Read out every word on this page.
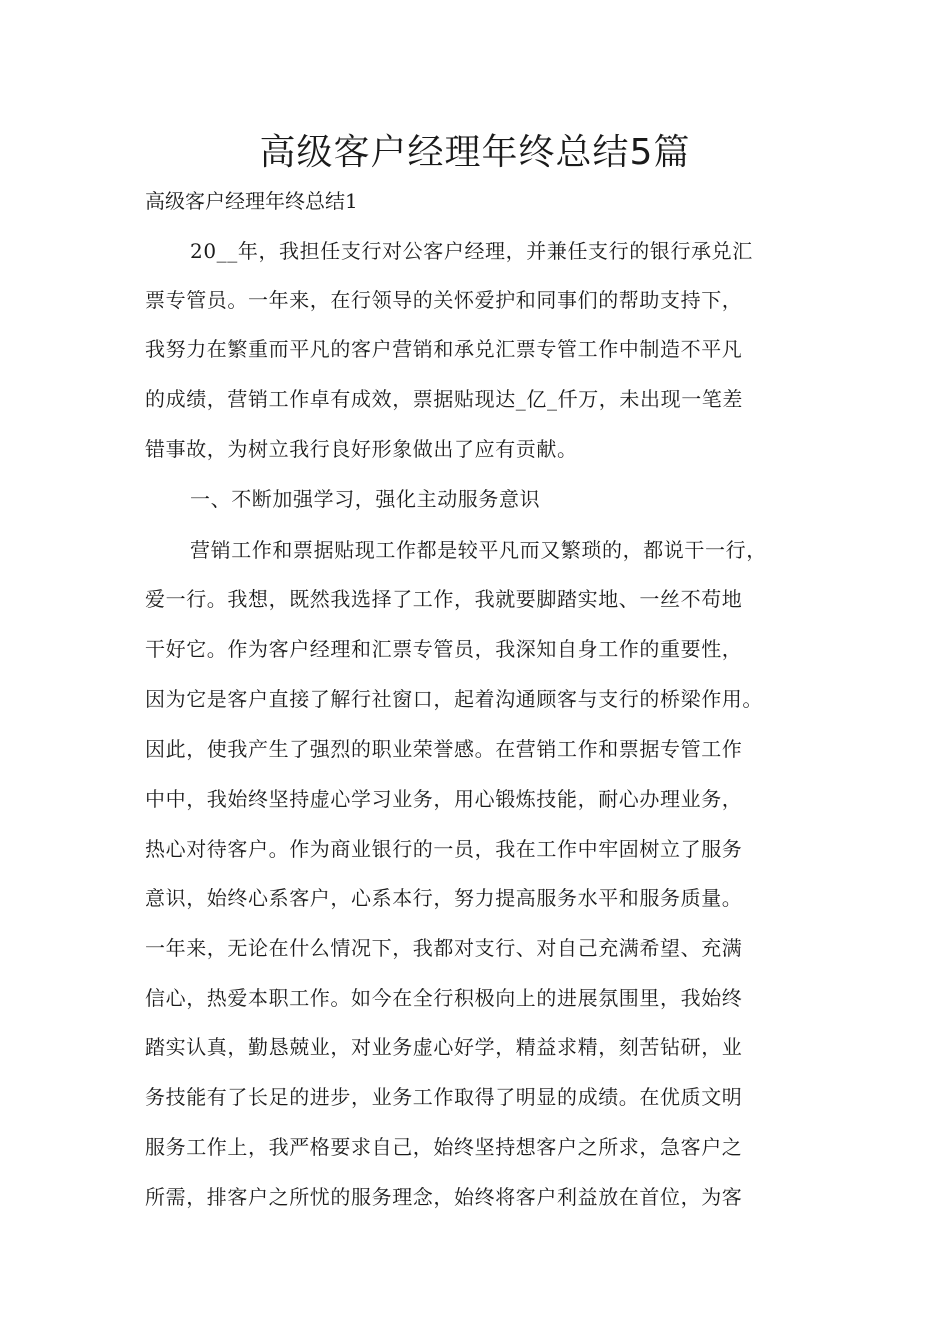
高级客户经理年终总结5篇

高级客户经理年终总结1

20__年，我担任支行对公客户经理，并兼任支行的银行承兑汇

票专管员。一年来，在行领导的关怀爱护和同事们的帮助支持下，

我努力在繁重而平凡的客户营销和承兑汇票专管工作中制造不平凡

的成绩，营销工作卓有成效，票据贴现达_亿_仟万，未出现一笔差

错事故，为树立我行良好形象做出了应有贡献。

一、不断加强学习，强化主动服务意识

营销工作和票据贴现工作都是较平凡而又繁琐的，都说干一行，

爱一行。我想，既然我选择了工作，我就要脚踏实地、一丝不苟地

干好它。作为客户经理和汇票专管员，我深知自身工作的重要性，

因为它是客户直接了解行社窗口，起着沟通顾客与支行的桥梁作用。

因此，使我产生了强烈的职业荣誉感。在营销工作和票据专管工作

中中，我始终坚持虚心学习业务，用心锻炼技能，耐心办理业务，

热心对待客户。作为商业银行的一员，我在工作中牢固树立了服务

意识，始终心系客户，心系本行，努力提高服务水平和服务质量。

一年来，无论在什么情况下，我都对支行、对自己充满希望、充满

信心，热爱本职工作。如今在全行积极向上的进展氛围里，我始终

踏实认真，勤恳兢业，对业务虚心好学，精益求精，刻苦钻研，业

务技能有了长足的进步，业务工作取得了明显的成绩。在优质文明

服务工作上，我严格要求自己，始终坚持想客户之所求，急客户之

所需，排客户之所忧的服务理念，始终将客户利益放在首位，为客
